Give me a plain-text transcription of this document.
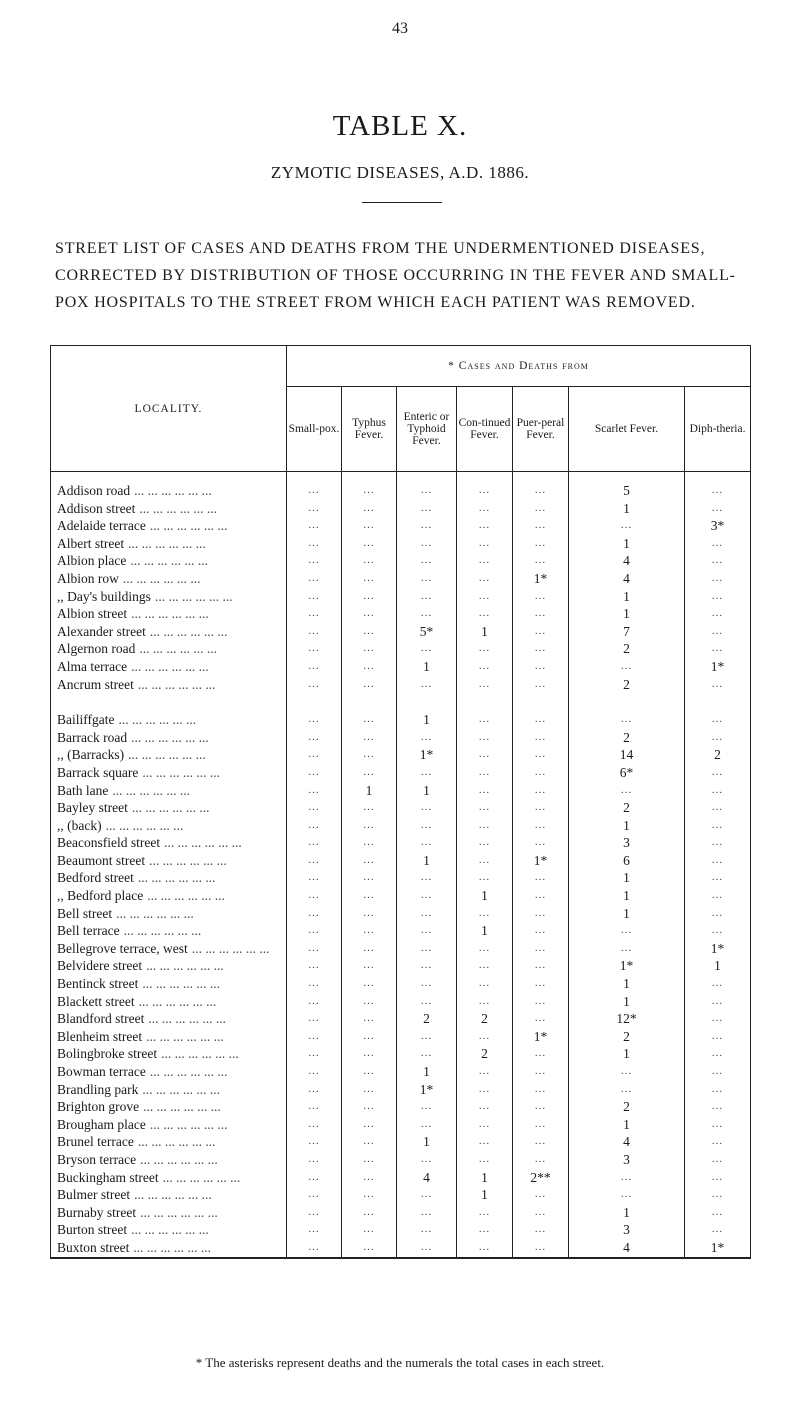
43
TABLE X.
ZYMOTIC DISEASES, A.D. 1886.
STREET LIST OF CASES AND DEATHS FROM THE UNDERMENTIONED DISEASES, CORRECTED BY DISTRIBUTION OF THOSE OCCURRING IN THE FEVER AND SMALL-POX HOSPITALS TO THE STREET FROM WHICH EACH PATIENT WAS REMOVED.
LOCALITY.	* Cases and Deaths from						
	Small-pox.	Typhus Fever.	Enteric or Typhoid Fever.	Con-tinued Fever.	Puer-peral Fever.	Scarlet Fever.	Diph-theria.

Addison road ... ... ... ... ... ...	...	...	...	...	...	5	...

Addison street ... ... ... ... ... ...	...	...	...	...	...	1	...

Adelaide terrace ... ... ... ... ... ...	...	...	...	...	...	...	3*

Albert street ... ... ... ... ... ...	...	...	...	...	...	1	...

Albion place ... ... ... ... ... ...	...	...	...	...	...	4	...

Albion row ... ... ... ... ... ...	...	...	...	...	1*	4	...

,, Day's buildings ... ... ... ... ... ...	...	...	...	...	...	1	...

Albion street ... ... ... ... ... ...	...	...	...	...	...	1	...

Alexander street ... ... ... ... ... ...	...	...	5*	1	...	7	...

Algernon road ... ... ... ... ... ...	...	...	...	...	...	2	...

Alma terrace ... ... ... ... ... ...	...	...	1	...	...	...	1*

Ancrum street ... ... ... ... ... ...	...	...	...	...	...	2	...

Bailiffgate ... ... ... ... ... ...	...	...	1	...	...	...	...

Barrack road ... ... ... ... ... ...	...	...	...	...	...	2	...

,, (Barracks) ... ... ... ... ... ...	...	...	1*	...	...	14	2

Barrack square ... ... ... ... ... ...	...	...	...	...	...	6*	...

Bath lane ... ... ... ... ... ...	...	1	1	...	...	...	...

Bayley street ... ... ... ... ... ...	...	...	...	...	...	2	...

,, (back) ... ... ... ... ... ...	...	...	...	...	...	1	...

Beaconsfield street ... ... ... ... ... ...	...	...	...	...	...	3	...

Beaumont street ... ... ... ... ... ...	...	...	1	...	1*	6	...

Bedford street ... ... ... ... ... ...	...	...	...	...	...	1	...

,, Bedford place ... ... ... ... ... ...	...	...	...	1	...	1	...

Bell street ... ... ... ... ... ...	...	...	...	...	...	1	...

Bell terrace ... ... ... ... ... ...	...	...	...	1	...	...	...

Bellegrove terrace, west ... ... ... ... ... ...	...	...	...	...	...	...	1*

Belvidere street ... ... ... ... ... ...	...	...	...	...	...	1*	1

Bentinck street ... ... ... ... ... ...	...	...	...	...	...	1	...

Blackett street ... ... ... ... ... ...	...	...	...	...	...	1	...

Blandford street ... ... ... ... ... ...	...	...	2	2	...	12*	...

Blenheim street ... ... ... ... ... ...	...	...	...	...	1*	2	...

Bolingbroke street ... ... ... ... ... ...	...	...	...	2	...	1	...

Bowman terrace ... ... ... ... ... ...	...	...	1	...	...	...	...

Brandling park ... ... ... ... ... ...	...	...	1*	...	...	...	...

Brighton grove ... ... ... ... ... ...	...	...	...	...	...	2	...

Brougham place ... ... ... ... ... ...	...	...	...	...	...	1	...

Brunel terrace ... ... ... ... ... ...	...	...	1	...	...	4	...

Bryson terrace ... ... ... ... ... ...	...	...	...	...	...	3	...

Buckingham street ... ... ... ... ... ...	...	...	4	1	2**	...	...

Bulmer street ... ... ... ... ... ...	...	...	...	1	...	...	...

Burnaby street ... ... ... ... ... ...	...	...	...	...	...	1	...

Burton street ... ... ... ... ... ...	...	...	...	...	...	3	...

Buxton street ... ... ... ... ... ...	...	...	...	...	...	4	1*
* The asterisks represent deaths and the numerals the total cases in each street.
